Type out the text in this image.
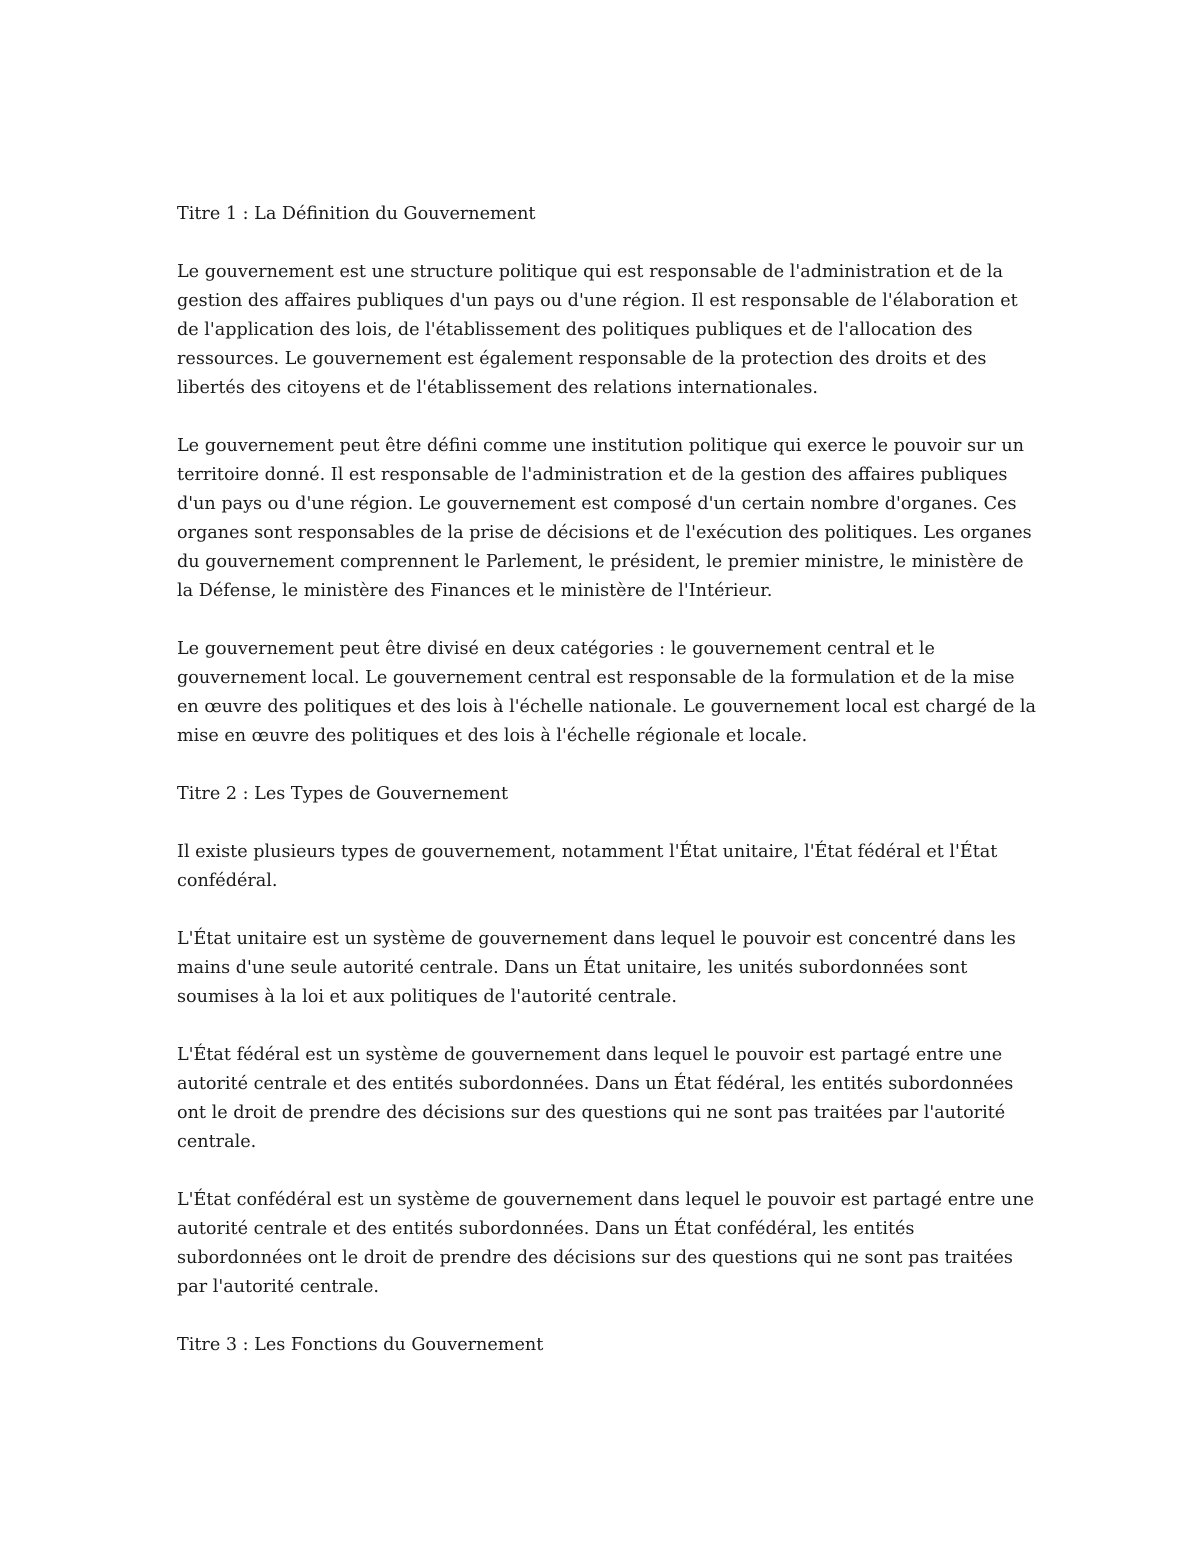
Titre 1 : La Définition du Gouvernement

Le gouvernement est une structure politique qui est responsable de l'administration et de la gestion des affaires publiques d'un pays ou d'une région. Il est responsable de l'élaboration et de l'application des lois, de l'établissement des politiques publiques et de l'allocation des ressources. Le gouvernement est également responsable de la protection des droits et des libertés des citoyens et de l'établissement des relations internationales.

Le gouvernement peut être défini comme une institution politique qui exerce le pouvoir sur un territoire donné. Il est responsable de l'administration et de la gestion des affaires publiques d'un pays ou d'une région. Le gouvernement est composé d'un certain nombre d'organes. Ces organes sont responsables de la prise de décisions et de l'exécution des politiques. Les organes du gouvernement comprennent le Parlement, le président, le premier ministre, le ministère de la Défense, le ministère des Finances et le ministère de l'Intérieur.

Le gouvernement peut être divisé en deux catégories : le gouvernement central et le gouvernement local. Le gouvernement central est responsable de la formulation et de la mise en œuvre des politiques et des lois à l'échelle nationale. Le gouvernement local est chargé de la mise en œuvre des politiques et des lois à l'échelle régionale et locale.

Titre 2 : Les Types de Gouvernement

Il existe plusieurs types de gouvernement, notamment l'État unitaire, l'État fédéral et l'État confédéral.

L'État unitaire est un système de gouvernement dans lequel le pouvoir est concentré dans les mains d'une seule autorité centrale. Dans un État unitaire, les unités subordonnées sont soumises à la loi et aux politiques de l'autorité centrale.

L'État fédéral est un système de gouvernement dans lequel le pouvoir est partagé entre une autorité centrale et des entités subordonnées. Dans un État fédéral, les entités subordonnées ont le droit de prendre des décisions sur des questions qui ne sont pas traitées par l'autorité centrale.

L'État confédéral est un système de gouvernement dans lequel le pouvoir est partagé entre une autorité centrale et des entités subordonnées. Dans un État confédéral, les entités subordonnées ont le droit de prendre des décisions sur des questions qui ne sont pas traitées par l'autorité centrale.

Titre 3 : Les Fonctions du Gouvernement
